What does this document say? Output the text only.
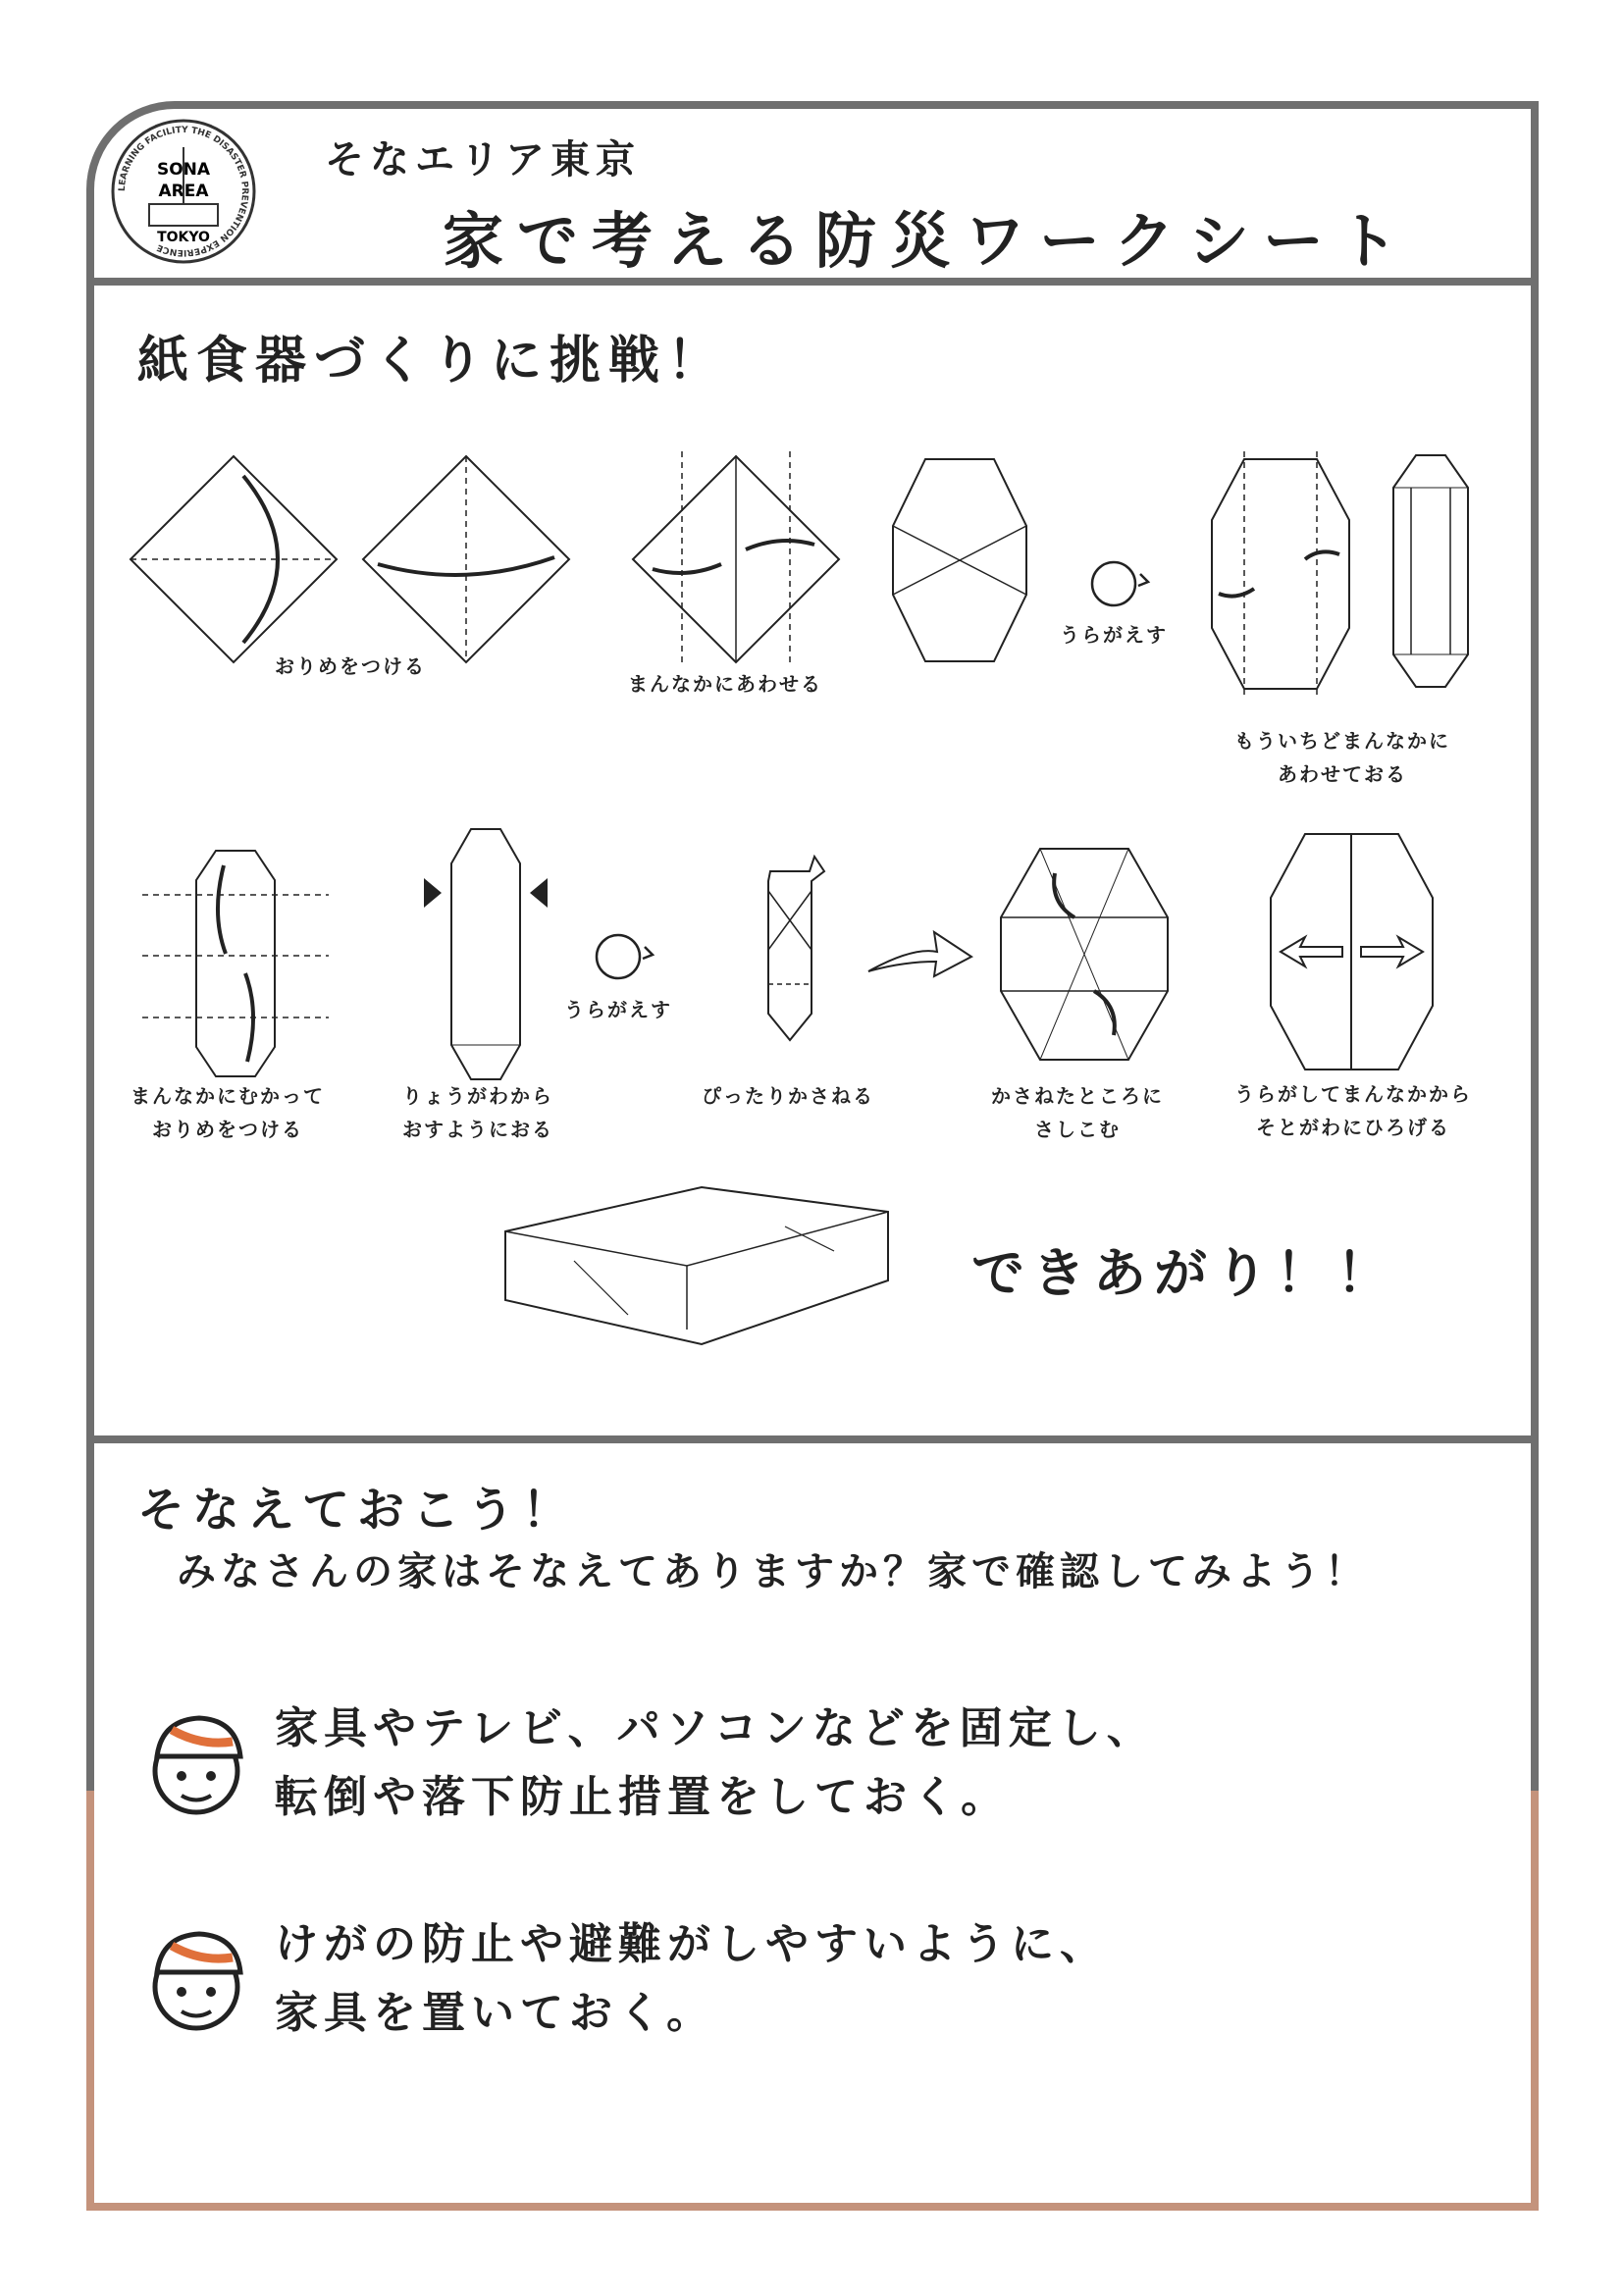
そなエリア東京
家で考える防災ワークシート
LEARNING FACILITY THE DISASTER PREVENTION EXPERIENCE
SONA
AREA
TOKYO
紙食器づくりに挑戦！
おりめをつける
まんなかにあわせる
うらがえす
もういちどまんなかに
あわせておる
まんなかにむかって
おりめをつける
りょうがわから
おすようにおる
うらがえす
ぴったりかさねる	かさねたところに
さしこむ
うらがしてまんなかから
そとがわにひろげる
できあがり！！
そなえておこう！
みなさんの家はそなえてありますか？家で確認してみよう！
家具やテレビ、パソコンなどを固定し、
転倒や落下防止措置をしておく。
けがの防止や避難がしやすいように、
家具を置いておく。
